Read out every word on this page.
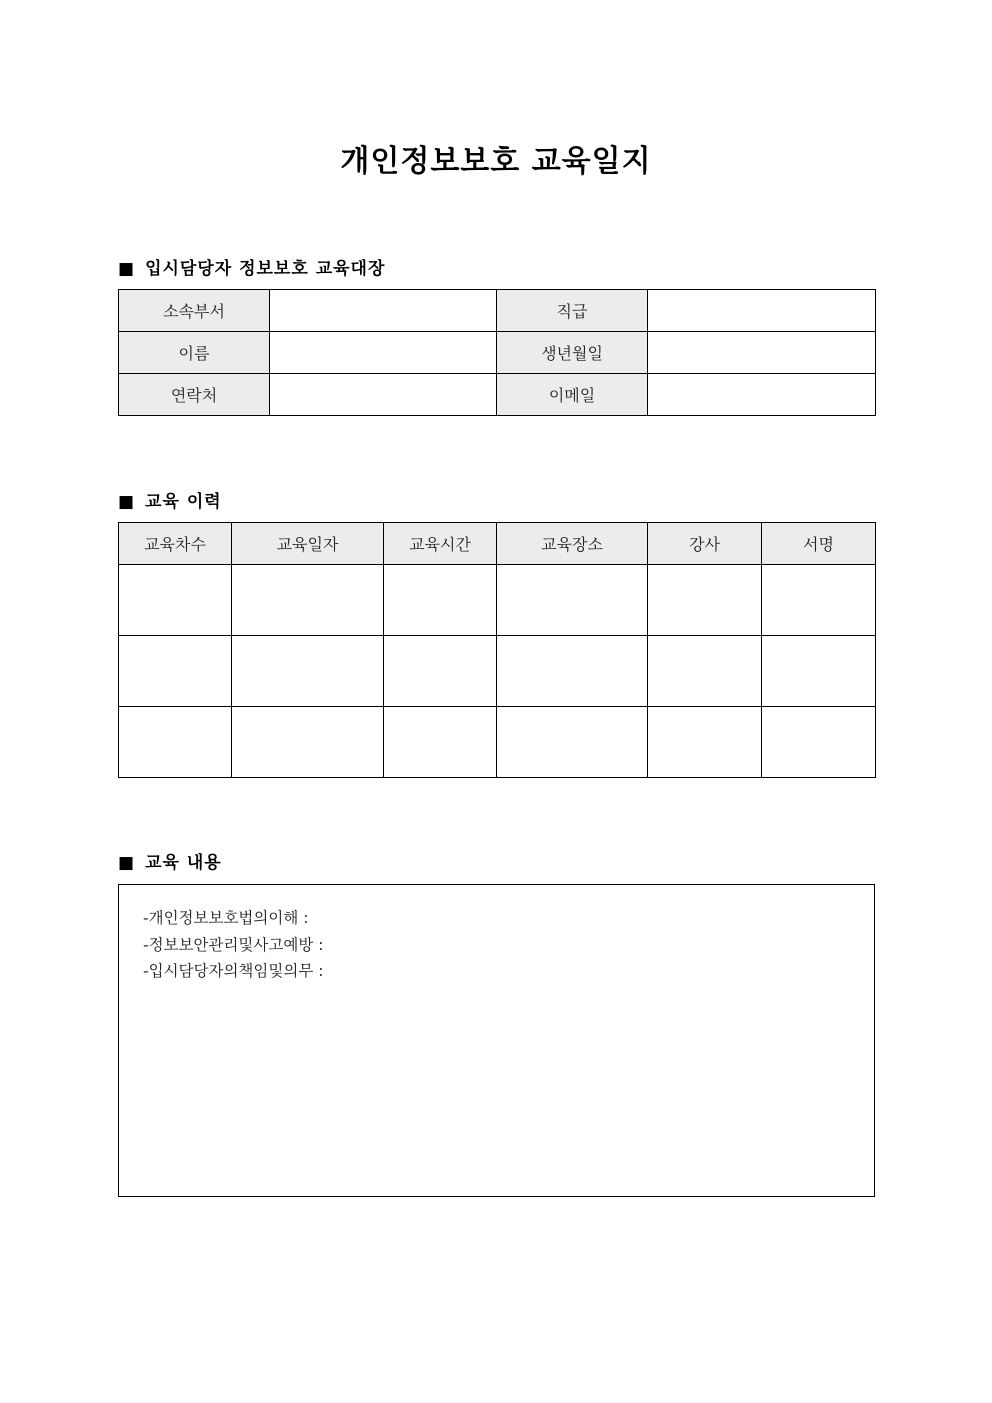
개인정보보호 교육일지
■ 입시담당자 정보보호 교육대장
소속부서		직급	
이름		생년월일	
연락처		이메일	
■ 교육 이력
교육차수	교육일자	교육시간	교육장소	강사	서명

■ 교육 내용
-개인정보보호법의이해 :
-정보보안관리및사고예방 :
-입시담당자의책임및의무 :
